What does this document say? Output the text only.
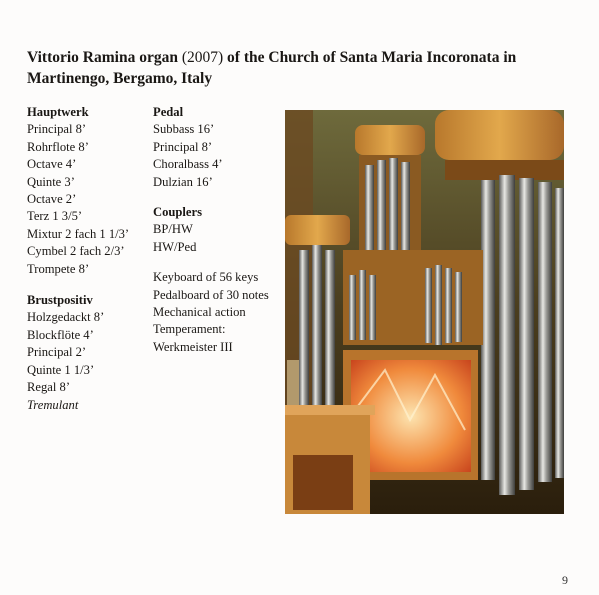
Vittorio Ramina organ (2007) of the Church of Santa Maria Incoronata in Martinengo, Bergamo, Italy
Hauptwerk
Principal 8’
Rohrflote 8’
Octave 4’
Quinte 3’
Octave 2’
Terz 1 3/5’
Mixtur 2 fach 1 1/3’
Cymbel 2 fach 2/3’
Trompete 8’
Brustpositiv
Holzgedackt 8’
Blockflöte 4’
Principal 2’
Quinte 1 1/3’
Regal 8’
Tremulant
Pedal
Subbass 16’
Principal 8’
Choralbass 4’
Dulzian 16’
Couplers
BP/HW
HW/Ped
Keyboard of 56 keys
Pedalboard of 30 notes
Mechanical action
Temperament:
Werkmeister III
9
